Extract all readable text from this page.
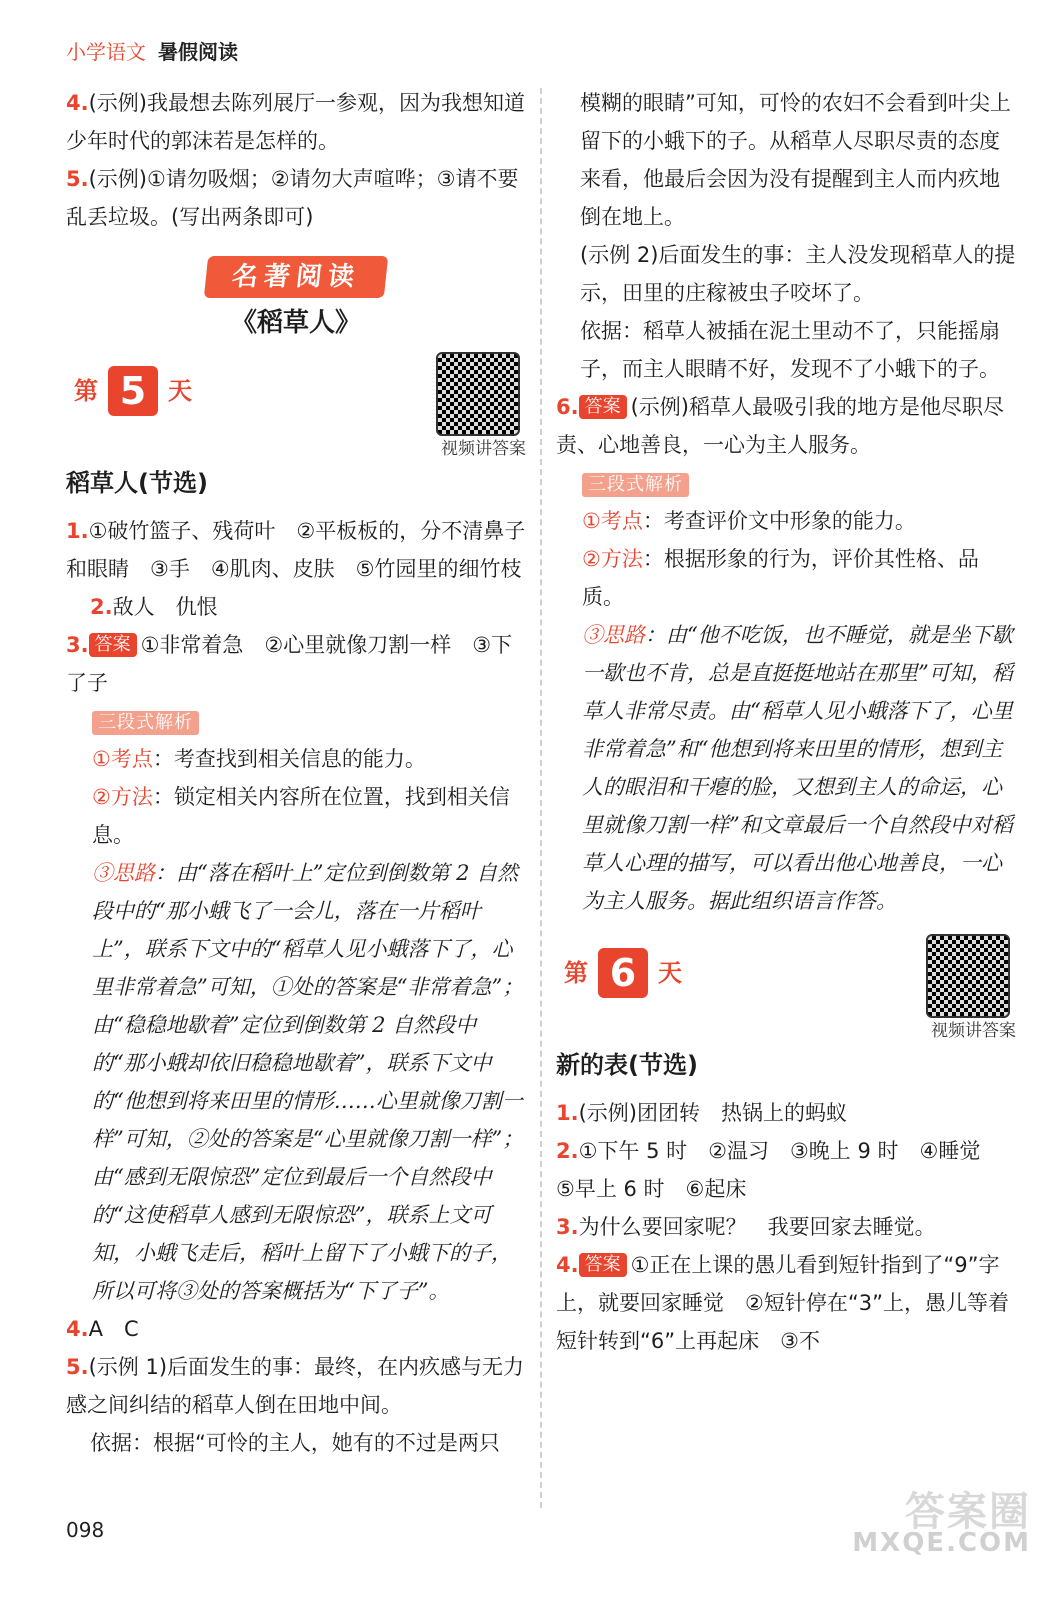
小学语文 暑假阅读

4.(示例)我最想去陈列展厅一参观，因为我想知道少年时代的郭沫若是怎样的。

5.(示例)①请勿吸烟；②请勿大声喧哗；③请不要乱丢垃圾。(写出两条即可)

名著阅读
《稻草人》
第 5 天
视频讲答案
稻草人(节选)

1.①破竹篮子、残荷叶　②平板板的，分不清鼻子和眼睛　③手　④肌肉、皮肤　⑤竹园里的细竹枝

2.敌人　仇恨

3. 答案 ①非常着急　②心里就像刀割一样　③下了子

三段式解析

①考点：考查找到相关信息的能力。

②方法：锁定相关内容所在位置，找到相关信息。

③思路：由“落在稻叶上”定位到倒数第 2 自然段中的“那小蛾飞了一会儿，落在一片稻叶上”，联系下文中的“稻草人见小蛾落下了，心里非常着急”可知，①处的答案是“非常着急”；由“稳稳地歇着”定位到倒数第 2 自然段中的“那小蛾却依旧稳稳地歇着”，联系下文中的“他想到将来田里的情形……心里就像刀割一样”可知，②处的答案是“心里就像刀割一样”；由“感到无限惊恐”定位到最后一个自然段中的“这使稻草人感到无限惊恐”，联系上文可知，小蛾飞走后，稻叶上留下了小蛾下的子，所以可将③处的答案概括为“下了子”。

4.A　C

5.(示例 1)后面发生的事：最终，在内疚感与无力感之间纠结的稻草人倒在田地中间。

依据：根据“可怜的主人，她有的不过是两只

模糊的眼睛”可知，可怜的农妇不会看到叶尖上留下的小蛾下的子。从稻草人尽职尽责的态度来看，他最后会因为没有提醒到主人而内疚地倒在地上。

(示例 2)后面发生的事：主人没发现稻草人的提示，田里的庄稼被虫子咬坏了。

依据：稻草人被插在泥土里动不了，只能摇扇子，而主人眼睛不好，发现不了小蛾下的子。

6. 答案 (示例)稻草人最吸引我的地方是他尽职尽责、心地善良，一心为主人服务。

三段式解析

①考点：考查评价文中形象的能力。

②方法：根据形象的行为，评价其性格、品质。

③思路：由“他不吃饭，也不睡觉，就是坐下歇一歇也不肯，总是直挺挺地站在那里”可知，稻草人非常尽责。由“稻草人见小蛾落下了，心里非常着急”和“他想到将来田里的情形，想到主人的眼泪和干瘪的脸，又想到主人的命运，心里就像刀割一样”和文章最后一个自然段中对稻草人心理的描写，可以看出他心地善良，一心为主人服务。据此组织语言作答。

第 6 天
视频讲答案
新的表(节选)

1.(示例)团团转　热锅上的蚂蚁

2.①下午 5 时　②温习　③晚上 9 时　④睡觉　⑤早上 6 时　⑥起床

3.为什么要回家呢？　我要回家去睡觉。

4. 答案 ①正在上课的愚儿看到短针指到了“9”字上，就要回家睡觉　②短针停在“3”上，愚儿等着短针转到“6”上再起床　③不

098	答案圈
MXQE.COM
